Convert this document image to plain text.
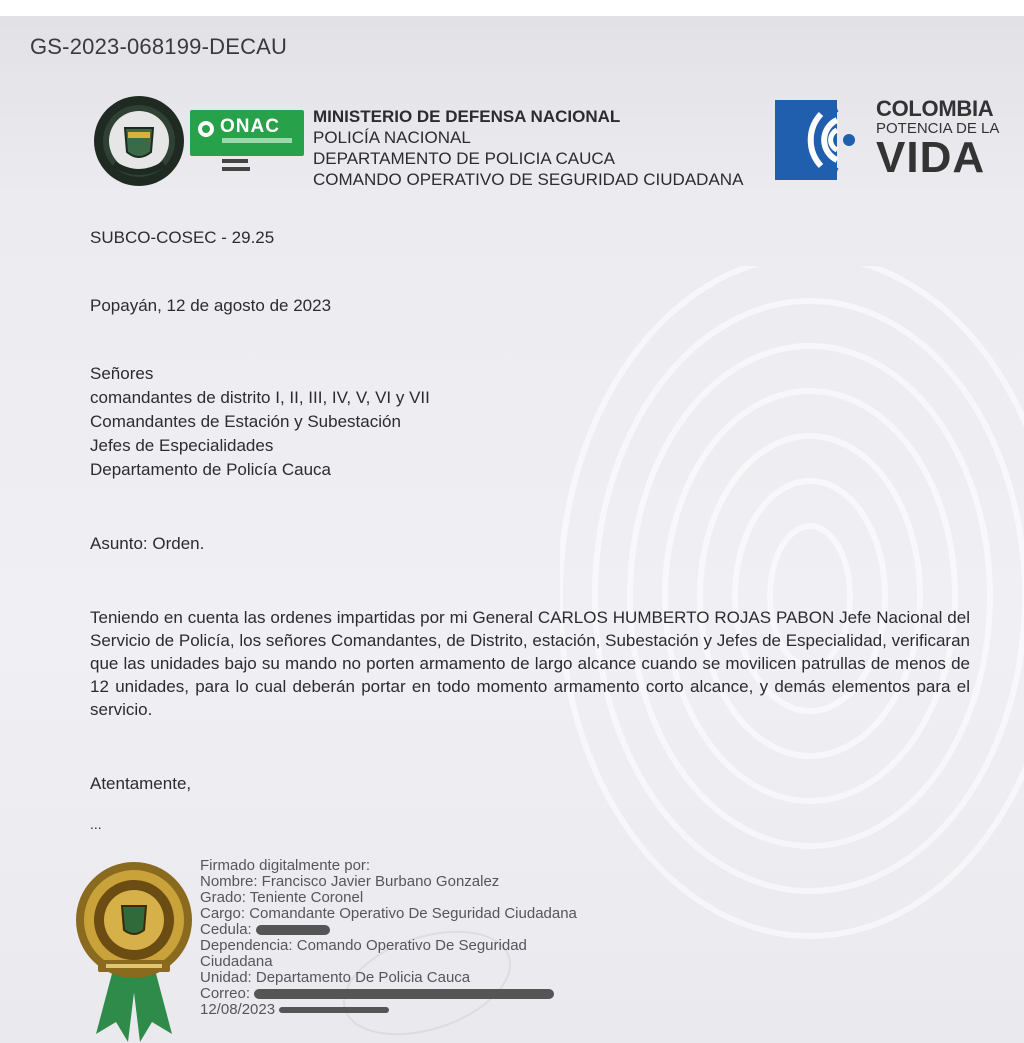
GS-2023-068199-DECAU
ONAC MINISTERIO DE DEFENSA NACIONAL
POLICÍA NACIONAL
DEPARTAMENTO DE POLICIA CAUCA
COMANDO OPERATIVO DE SEGURIDAD CIUDADANA
COLOMBIA
POTENCIA DE LA
VIDA
SUBCO-COSEC - 29.25
Popayán, 12 de agosto de 2023
Señores
comandantes de distrito I, II, III, IV, V, VI y VII
Comandantes de Estación y Subestación
Jefes de Especialidades
Departamento de Policía Cauca
Asunto: Orden.
Teniendo en cuenta las ordenes impartidas por mi General CARLOS HUMBERTO ROJAS PABON Jefe Nacional del Servicio de Policía, los señores Comandantes, de Distrito, estación, Subestación y Jefes de Especialidad, verificaran que las unidades bajo su mando no porten armamento de largo alcance cuando se movilicen patrullas de menos de 12 unidades, para lo cual deberán portar en todo momento armamento corto alcance, y demás elementos para el servicio.
Atentamente,
...
Firmado digitalmente por:
Nombre: Francisco Javier Burbano Gonzalez
Grado: Teniente Coronel
Cargo: Comandante Operativo De Seguridad Ciudadana
Cedula:
Dependencia: Comando Operativo De Seguridad
Ciudadana
Unidad: Departamento De Policia Cauca
Correo:
12/08/2023
